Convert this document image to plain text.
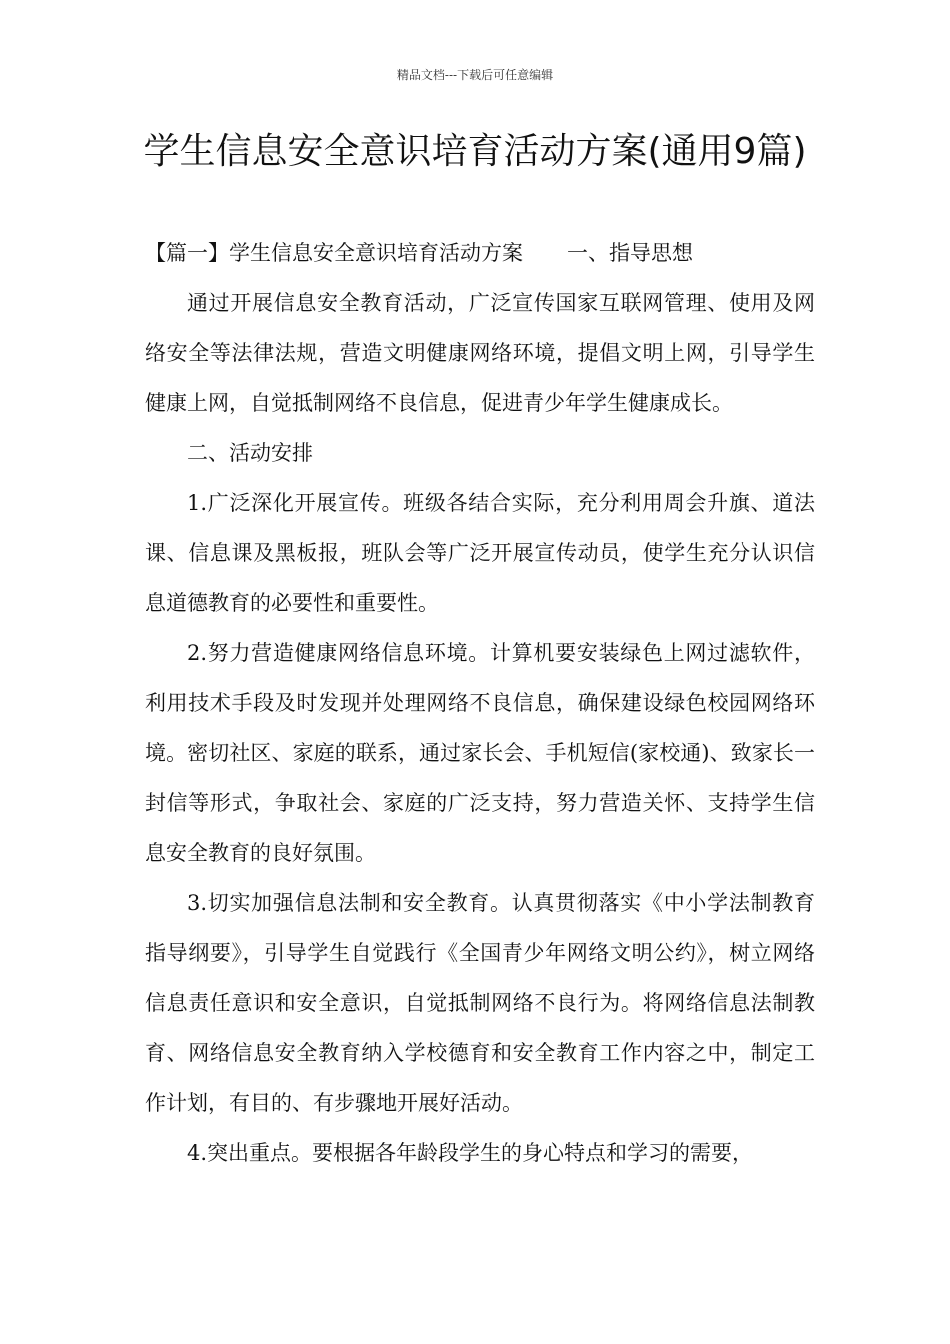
精品文档---下载后可任意编辑
学生信息安全意识培育活动方案(通用9篇)
【篇一】学生信息安全意识培育活动方案 一、指导思想

通过开展信息安全教育活动，广泛宣传国家互联网管理、使用及网络安全等法律法规，营造文明健康网络环境，提倡文明上网，引导学生健康上网，自觉抵制网络不良信息，促进青少年学生健康成长。

二、活动安排

1.广泛深化开展宣传。班级各结合实际，充分利用周会升旗、道法课、信息课及黑板报，班队会等广泛开展宣传动员，使学生充分认识信息道德教育的必要性和重要性。

2.努力营造健康网络信息环境。计算机要安装绿色上网过滤软件，利用技术手段及时发现并处理网络不良信息，确保建设绿色校园网络环境。密切社区、家庭的联系，通过家长会、手机短信(家校通)、致家长一封信等形式，争取社会、家庭的广泛支持，努力营造关怀、支持学生信息安全教育的良好氛围。

3.切实加强信息法制和安全教育。认真贯彻落实《中小学法制教育指导纲要》，引导学生自觉践行《全国青少年网络文明公约》，树立网络信息责任意识和安全意识，自觉抵制网络不良行为。将网络信息法制教育、网络信息安全教育纳入学校德育和安全教育工作内容之中，制定工作计划，有目的、有步骤地开展好活动。

4.突出重点。要根据各年龄段学生的身心特点和学习的需要，
